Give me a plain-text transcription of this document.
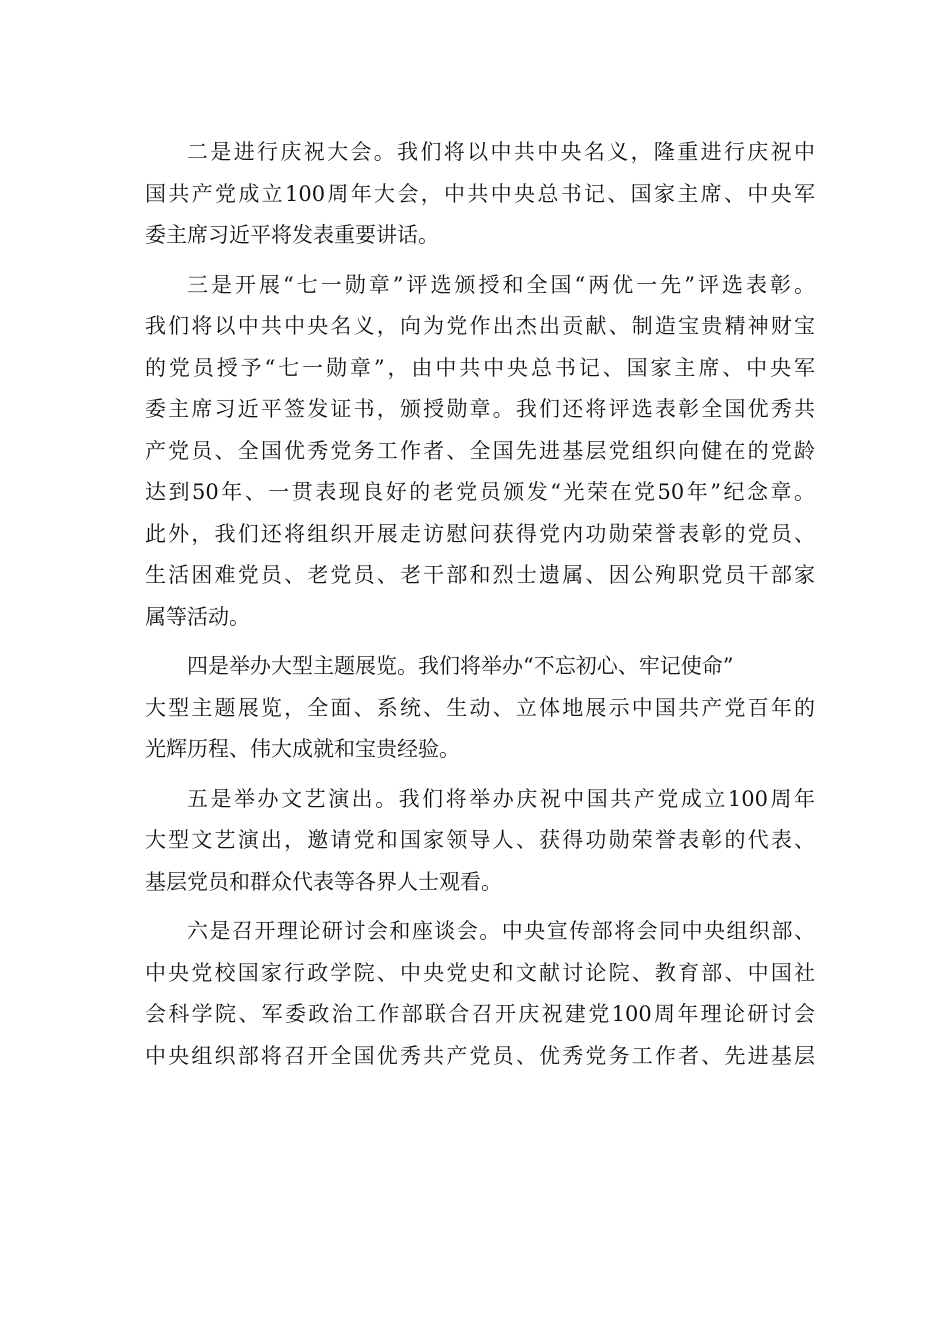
二是进行庆祝大会。我们将以中共中央名义，隆重进行庆祝中
国共产党成立100周年大会，中共中央总书记、国家主席、中央军
委主席习近平将发表重要讲话。
三是开展“七一勋章”评选颁授和全国“两优一先”评选表彰。
我们将以中共中央名义，向为党作出杰出贡献、制造宝贵精神财宝
的党员授予“七一勋章”，由中共中央总书记、国家主席、中央军
委主席习近平签发证书，颁授勋章。我们还将评选表彰全国优秀共
产党员、全国优秀党务工作者、全国先进基层党组织向健在的党龄
达到50年、一贯表现良好的老党员颁发“光荣在党50年”纪念章。
此外，我们还将组织开展走访慰问获得党内功勋荣誉表彰的党员、
生活困难党员、老党员、老干部和烈士遗属、因公殉职党员干部家
属等活动。
四是举办大型主题展览。我们将举办“不忘初心、牢记使命”
大型主题展览，全面、系统、生动、立体地展示中国共产党百年的
光辉历程、伟大成就和宝贵经验。
五是举办文艺演出。我们将举办庆祝中国共产党成立100周年
大型文艺演出，邀请党和国家领导人、获得功勋荣誉表彰的代表、
基层党员和群众代表等各界人士观看。
六是召开理论研讨会和座谈会。中央宣传部将会同中央组织部、
中央党校国家行政学院、中央党史和文献讨论院、教育部、中国社
会科学院、军委政治工作部联合召开庆祝建党100周年理论研讨会
中央组织部将召开全国优秀共产党员、优秀党务工作者、先进基层
